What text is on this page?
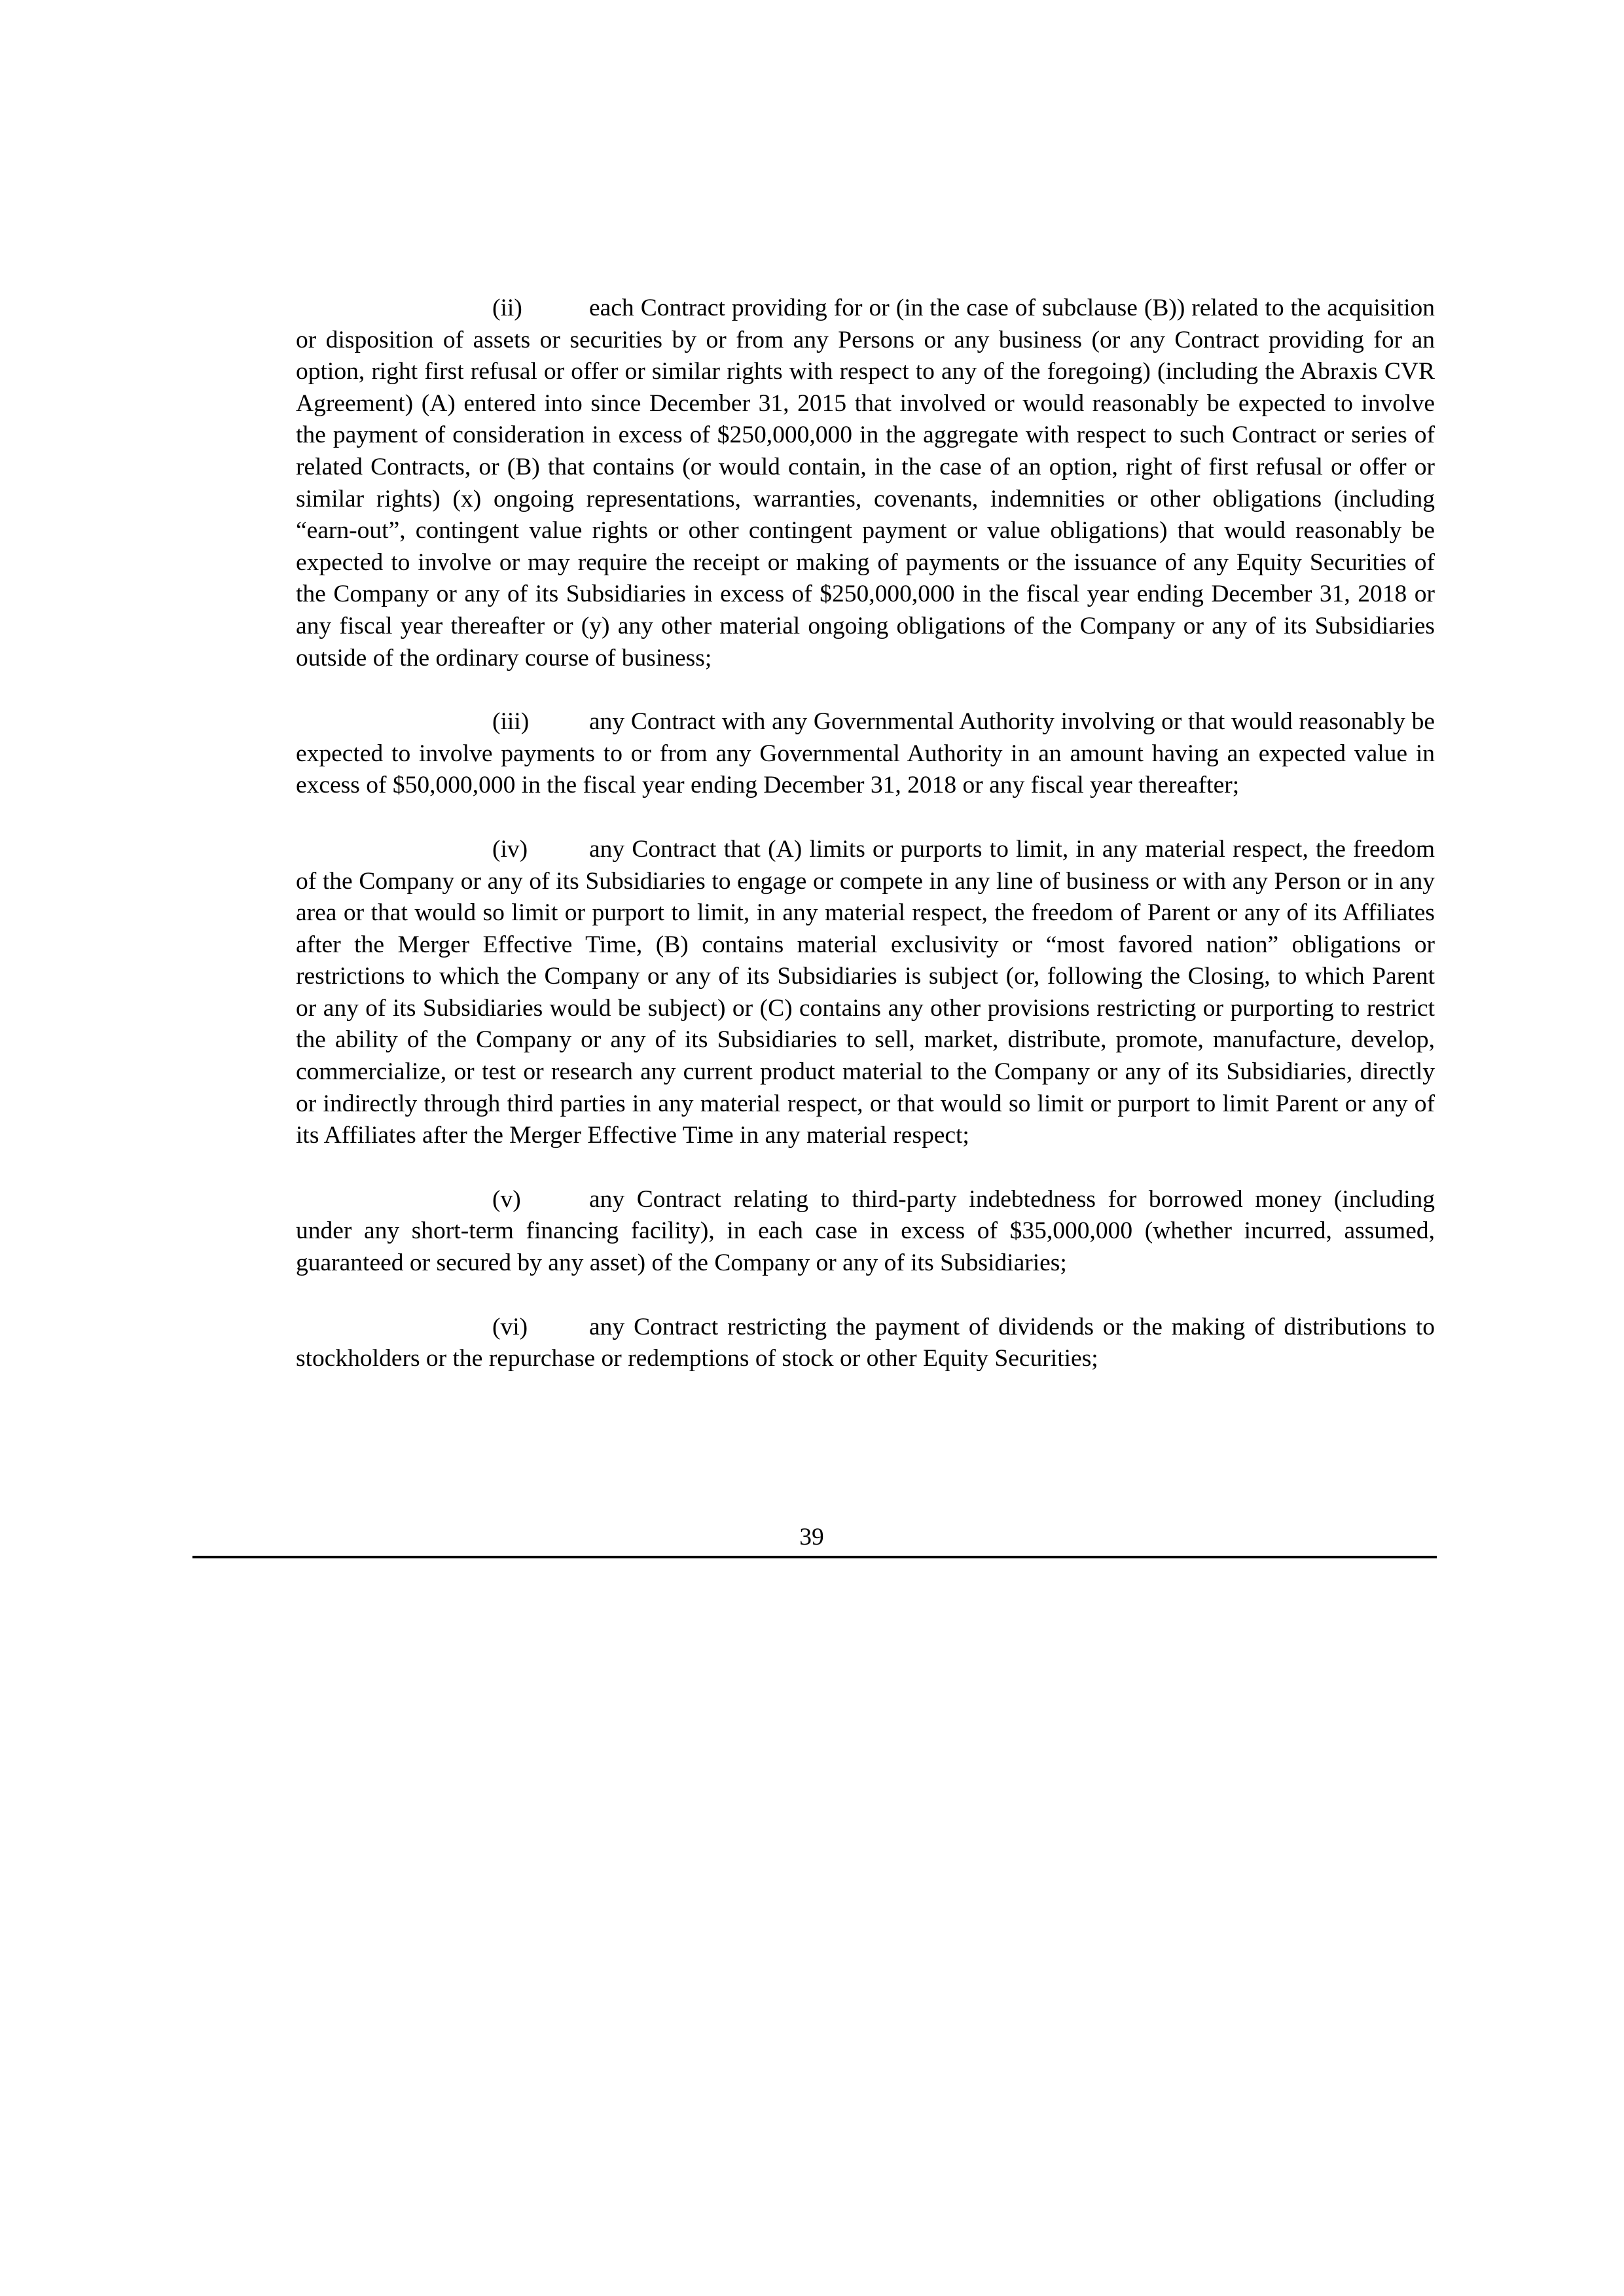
(ii)	each Contract providing for or (in the case of subclause (B)) related to the acquisition or disposition of assets or securities by or from any Persons or any business (or any Contract providing for an option, right first refusal or offer or similar rights with respect to any of the foregoing) (including the Abraxis CVR Agreement) (A) entered into since December 31, 2015 that involved or would reasonably be expected to involve the payment of consideration in excess of $250,000,000 in the aggregate with respect to such Contract or series of related Contracts, or (B) that contains (or would contain, in the case of an option, right of first refusal or offer or similar rights) (x) ongoing representations, warranties, covenants, indemnities or other obligations (including “earn-out”, contingent value rights or other contingent payment or value obligations) that would reasonably be expected to involve or may require the receipt or making of payments or the issuance of any Equity Securities of the Company or any of its Subsidiaries in excess of $250,000,000 in the fiscal year ending December 31, 2018 or any fiscal year thereafter or (y) any other material ongoing obligations of the Company or any of its Subsidiaries outside of the ordinary course of business;

(iii) any Contract with any Governmental Authority involving or that would reasonably be expected to involve payments to or from any Governmental Authority in an amount having an expected value in excess of $50,000,000 in the fiscal year ending December 31, 2018 or any fiscal year thereafter;

(iv)	any Contract that (A) limits or purports to limit, in any material respect, the freedom of the Company or any of its Subsidiaries to engage or compete in any line of business or with any Person or in any area or that would so limit or purport to limit, in any material respect, the freedom of Parent or any of its Affiliates after the Merger Effective Time, (B) contains material exclusivity or “most favored nation” obligations or restrictions to which the Company or any of its Subsidiaries is subject (or, following the Closing, to which Parent or any of its Subsidiaries would be subject) or (C) contains any other provisions restricting or purporting to restrict the ability of the Company or any of its Subsidiaries to sell, market, distribute, promote, manufacture, develop, commercialize, or test or research any current product material to the Company or any of its Subsidiaries, directly or indirectly through third parties in any material respect, or that would so limit or purport to limit Parent or any of its Affiliates after the Merger Effective Time in any material respect;

(v)	any Contract relating to third-party indebtedness for borrowed money (including under any short-term financing facility), in each case in excess of $35,000,000 (whether incurred, assumed, guaranteed or secured by any asset) of the Company or any of its Subsidiaries;

(vi)	any Contract restricting the payment of dividends or the making of distributions to stockholders or the repurchase or redemptions of stock or other Equity Securities;

39
